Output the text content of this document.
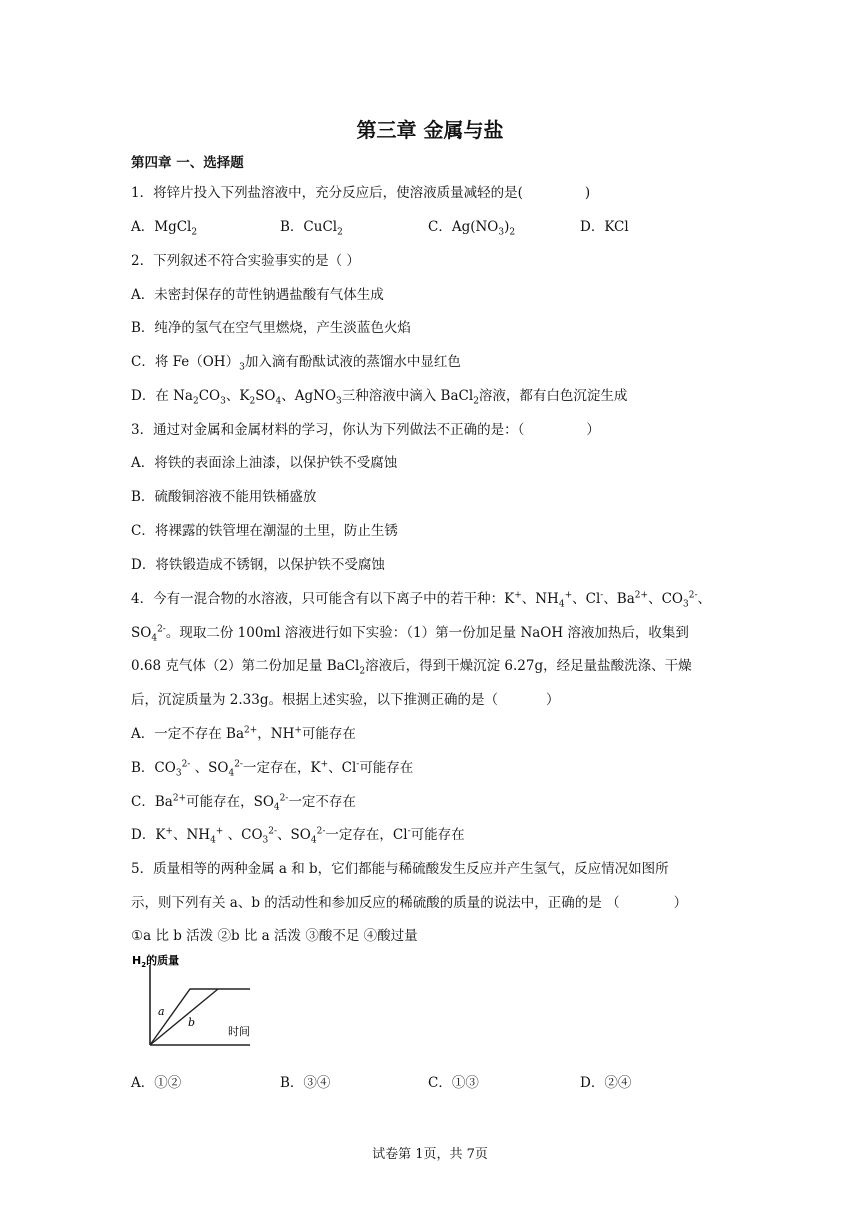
第三章 金属与盐
第四章 一、选择题
1．将锌片投入下列盐溶液中，充分反应后，使溶液质量减轻的是(	)
A．MgCl$_2$	B．CuCl$_2$	C．$Ag(NO_3)_2$	D．KCl
2．下列叙述不符合实验事实的是（ ）
A．未密封保存的苛性钠遇盐酸有气体生成
B．纯净的氢气在空气里燃烧，产生淡蓝色火焰
C．将 $Fe(OH)_3$加入滴有酚酞试液的蒸馏水中显红色
D．在 $Na_2CO_3$、$K_2SO_4$、AgNO$_3$三种溶液中滴入 BaCl$_2$溶液，都有白色沉淀生成
3．通过对金属和金属材料的学习，你认为下列做法不正确的是：（	）
A．将铁的表面涂上油漆，以保护铁不受腐蚀
B．硫酸铜溶液不能用铁桶盛放
C．将裸露的铁管埋在潮湿的土里，防止生锈
D．将铁锻造成不锈钢，以保护铁不受腐蚀
4．今有一混合物的水溶液，只可能含有以下离子中的若干种：K+、$NH_4^+$、Cl-、$Ba^{2+}$、$CO_3^{2-}$、
$SO_4^{2-}$。现取二份 100ml 溶液进行如下实验：（1）第一份加足量 NaOH 溶液加热后，收集到
0.68 克气体（2）第二份加足量 BaCl$_2$溶液后，得到干燥沉淀 6.27g，经足量盐酸洗涤、干燥
后，沉淀质量为 2.33g。根据上述实验，以下推测正确的是（	）
A．一定不存在 $Ba^{2+}$，NH+可能存在
B．$CO_3^{2-}$ 、$SO_4^{2-}$一定存在，K+、Cl-可能存在
C．$Ba^{2+}$可能存在，$SO_4^{2-}$一定不存在
D．K+、$NH_4^+$ 、$CO_3^{2-}$、$SO_4^{2-}$一定存在，Cl-可能存在
5．质量相等的两种金属 a 和 b，它们都能与稀硫酸发生反应并产生氢气，反应情况如图所
示，则下列有关 a、b 的活动性和参加反应的稀硫酸的质量的说法中，正确的是 （	）
①a 比 b 活泼 ②b 比 a 活泼 ③酸不足 ④酸过量
$H_2$的质量
时间
a
b
A．①②	B．③④	C．①③	D．②④
试卷第 1页，共 7页
